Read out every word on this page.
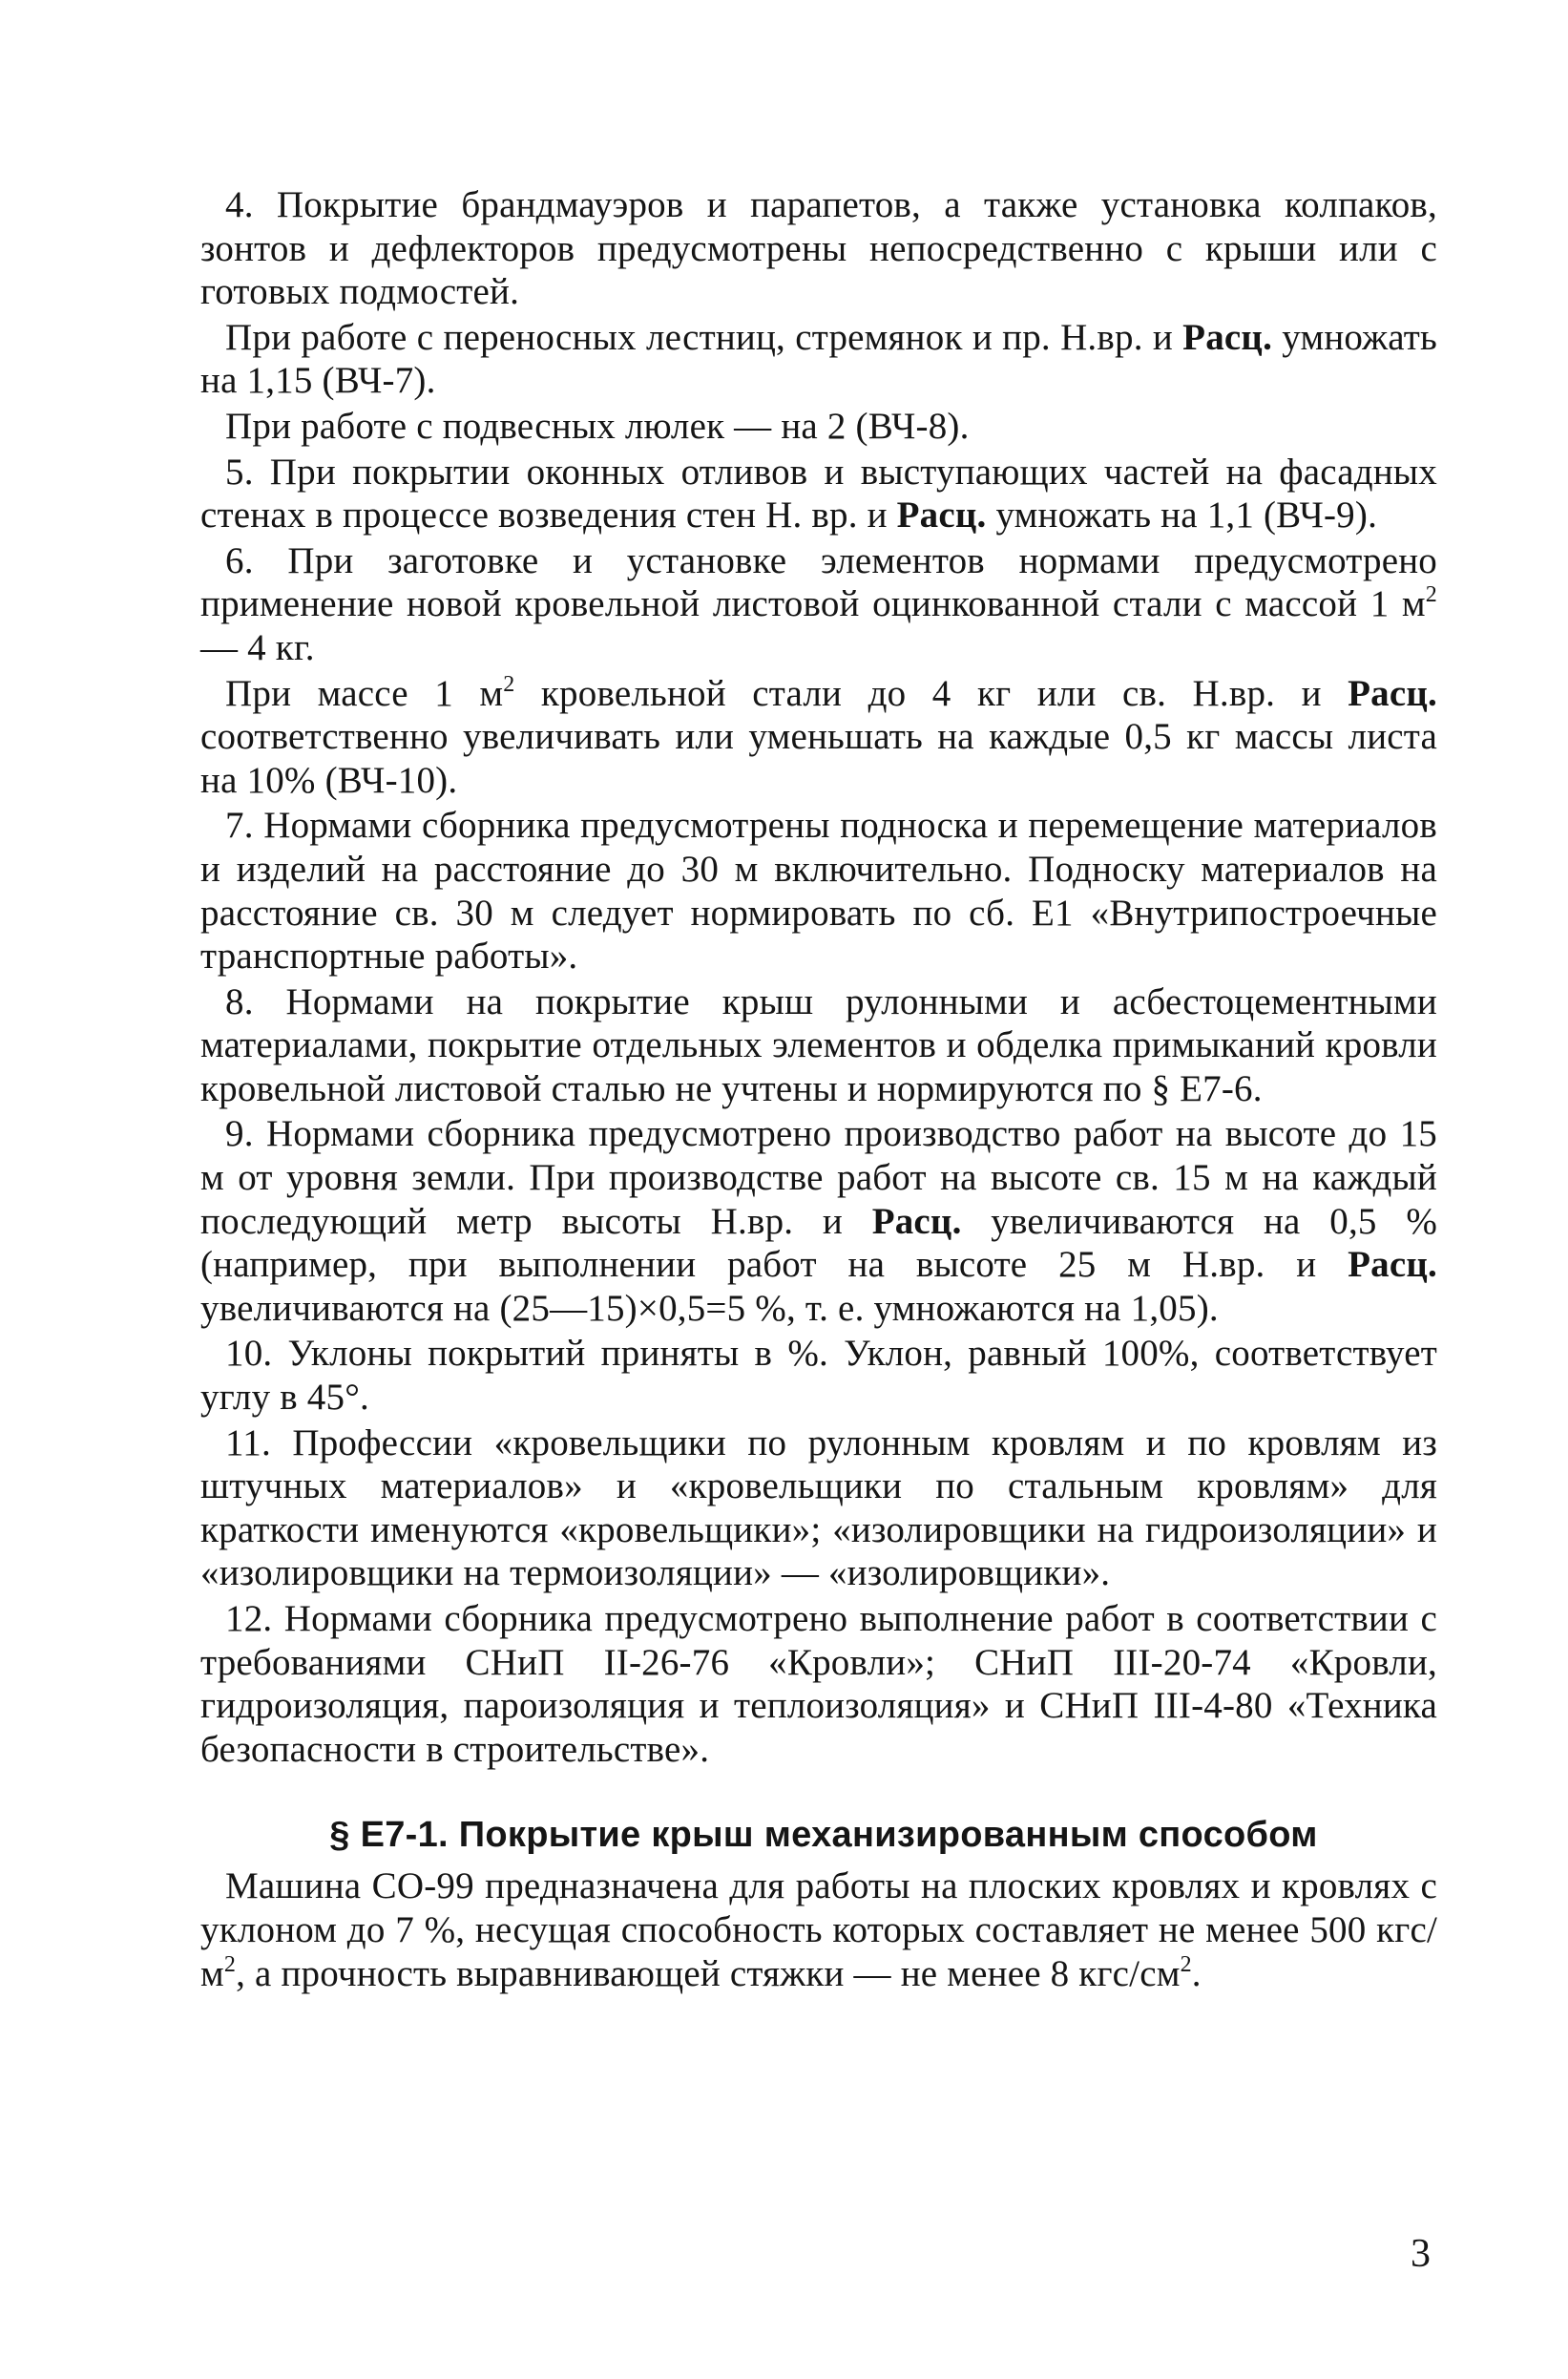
4. Покрытие брандмауэров и парапетов, а также установка колпаков, зонтов и дефлекторов предусмотрены непосредственно с крыши или с готовых подмостей.

При работе с переносных лестниц, стремянок и пр. Н.вр. и Расц. умножать на 1,15 (ВЧ-7).

При работе с подвесных люлек — на 2 (ВЧ-8).

5. При покрытии оконных отливов и выступающих частей на фасадных стенах в процессе возведения стен Н. вр. и Расц. умножать на 1,1 (ВЧ-9).

6. При заготовке и установке элементов нормами предусмотрено применение новой кровельной листовой оцинкованной стали с массой 1 $м^2$ — 4 кг.

При массе 1 $м^2$ кровельной стали до 4 кг или св. Н.вр. и Расц. соответственно увеличивать или уменьшать на каждые 0,5 кг массы листа на 10% (ВЧ-10).

7. Нормами сборника предусмотрены подноска и перемещение материалов и изделий на расстояние до 30 м включительно. Подноску материалов на расстояние св. 30 м следует нормировать по сб. Е1 «Внутрипостроечные транспортные работы».

8. Нормами на покрытие крыш рулонными и асбестоцементными материалами, покрытие отдельных элементов и обделка примыканий кровли кровельной листовой сталью не учтены и нормируются по § Е7-6.

9. Нормами сборника предусмотрено производство работ на высоте до 15 м от уровня земли. При производстве работ на высоте св. 15 м на каждый последующий метр высоты Н.вр. и Расц. увеличиваются на 0,5 % (например, при выполнении работ на высоте 25 м Н.вр. и Расц. увеличиваются на (25—15)×0,5=5 %, т. е. умножаются на 1,05).

10. Уклоны покрытий приняты в %. Уклон, равный 100%, соответствует углу в 45°.

11. Профессии «кровельщики по рулонным кровлям и по кровлям из штучных материалов» и «кровельщики по стальным кровлям» для краткости именуются «кровельщики»; «изолировщики на гидроизоляции» и «изолировщики на термоизоляции» — «изолировщики».

12. Нормами сборника предусмотрено выполнение работ в соответствии с требованиями СНиП II-26-76 «Кровли»; СНиП III-20-74 «Кровли, гидроизоляция, пароизоляция и теплоизоляция» и СНиП III-4-80 «Техника безопасности в строительстве».

§ Е7-1. Покрытие крыш механизированным способом

Машина СО-99 предназначена для работы на плоских кровлях и кровлях с уклоном до 7 %, несущая способность которых составляет не менее 500 кгс/$м^2$, а прочность выравнивающей стяжки — не менее 8 кгс/$см^2$.

3
